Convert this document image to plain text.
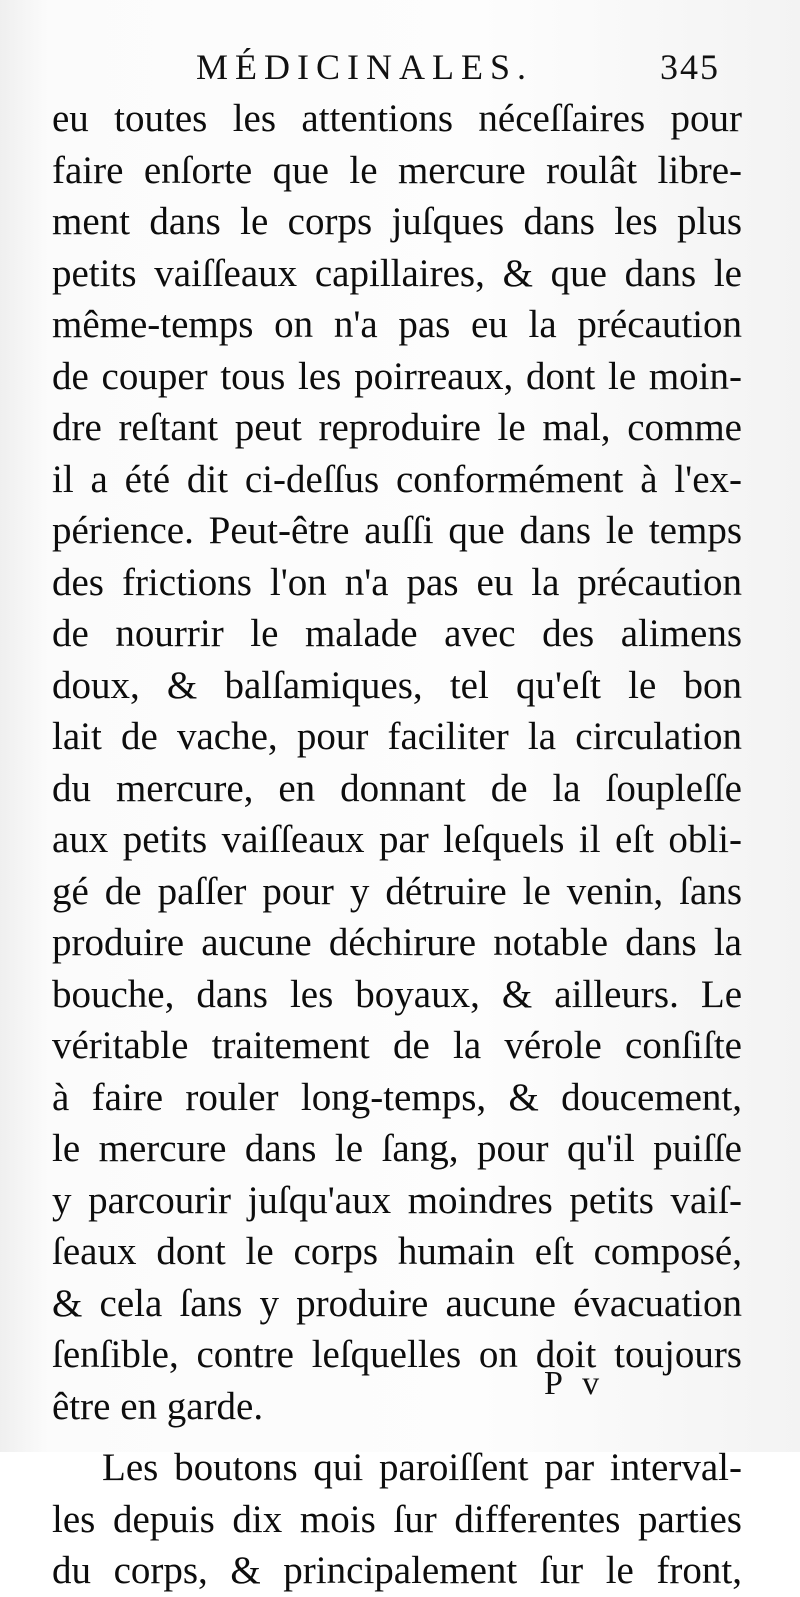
MÉDICINALES.	345
eu toutes les attentions néceſſaires pour
faire enſorte que le mercure roulât libre-
ment dans le corps juſques dans les plus
petits vaiſſeaux capillaires, & que dans le
même-temps on n'a pas eu la précaution
de couper tous les poirreaux, dont le moin-
dre reſtant peut reproduire le mal, comme
il a été dit ci-deſſus conformément à l'ex-
périence. Peut-être auſſi que dans le temps
des frictions l'on n'a pas eu la précaution
de nourrir le malade avec des alimens
doux, & balſamiques, tel qu'eſt le bon
lait de vache, pour faciliter la circulation
du mercure, en donnant de la ſoupleſſe
aux petits vaiſſeaux par leſquels il eſt obli-
gé de paſſer pour y détruire le venin, ſans
produire aucune déchirure notable dans la
bouche, dans les boyaux, & ailleurs. Le
véritable traitement de la vérole conſiſte
à faire rouler long-temps, & doucement,
le mercure dans le ſang, pour qu'il puiſſe
y parcourir juſqu'aux moindres petits vaiſ-
ſeaux dont le corps humain eſt composé,
& cela ſans y produire aucune évacuation
ſenſible, contre leſquelles on doit toujours
être en garde.
Les boutons qui paroiſſent par interval-
les depuis dix mois ſur differentes parties
du corps, & principalement ſur le front,
P v
